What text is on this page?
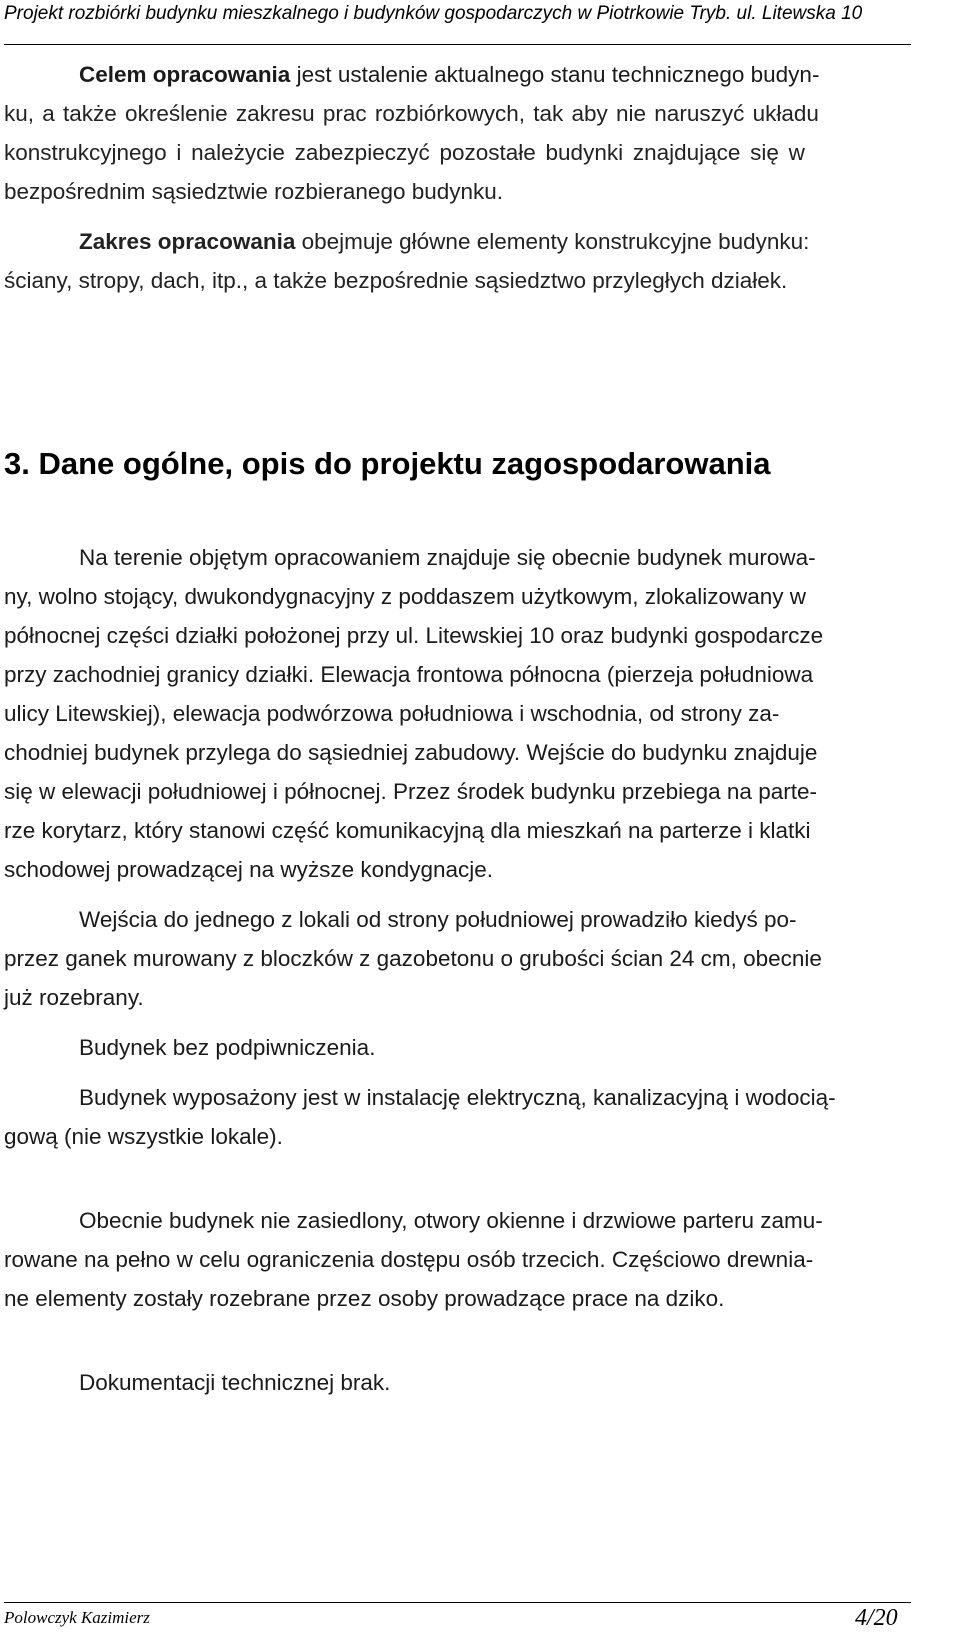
Projekt rozbiórki budynku mieszkalnego i budynków gospodarczych w Piotrkowie Tryb. ul. Litewska 10
Celem opracowania jest ustalenie aktualnego stanu technicznego budyn-
ku, a także określenie zakresu prac rozbiórkowych, tak aby nie naruszyć układu
konstrukcyjnego i należycie zabezpieczyć pozostałe budynki znajdujące się w
bezpośrednim sąsiedztwie rozbieranego budynku.
Zakres opracowania obejmuje główne elementy konstrukcyjne budynku:
ściany, stropy, dach, itp., a także bezpośrednie sąsiedztwo przyległych działek.
3. Dane ogólne, opis do projektu zagospodarowania
Na terenie objętym opracowaniem znajduje się obecnie budynek murowa-
ny, wolno stojący, dwukondygnacyjny z poddaszem użytkowym, zlokalizowany w
północnej części działki położonej przy ul. Litewskiej 10 oraz budynki gospodarcze
przy zachodniej granicy działki. Elewacja frontowa północna (pierzeja południowa
ulicy Litewskiej), elewacja podwórzowa południowa i wschodnia, od strony za-
chodniej budynek przylega do sąsiedniej zabudowy. Wejście do budynku znajduje
się w elewacji południowej i północnej. Przez środek budynku przebiega na parte-
rze korytarz, który stanowi część komunikacyjną dla mieszkań na parterze i klatki
schodowej prowadzącej na wyższe kondygnacje.
Wejścia do jednego z lokali od strony południowej prowadziło kiedyś po-
przez ganek murowany z bloczków z gazobetonu o grubości ścian 24 cm, obecnie
już rozebrany.
Budynek bez podpiwniczenia.
Budynek wyposażony jest w instalację elektryczną, kanalizacyjną i wodocią-
gową (nie wszystkie lokale).
Obecnie budynek nie zasiedlony, otwory okienne i drzwiowe parteru zamu-
rowane na pełno w celu ograniczenia dostępu osób trzecich. Częściowo drewnia-
ne elementy zostały rozebrane przez osoby prowadzące prace na dziko.
Dokumentacji technicznej brak.
Polowczyk Kazimierz	4/20
